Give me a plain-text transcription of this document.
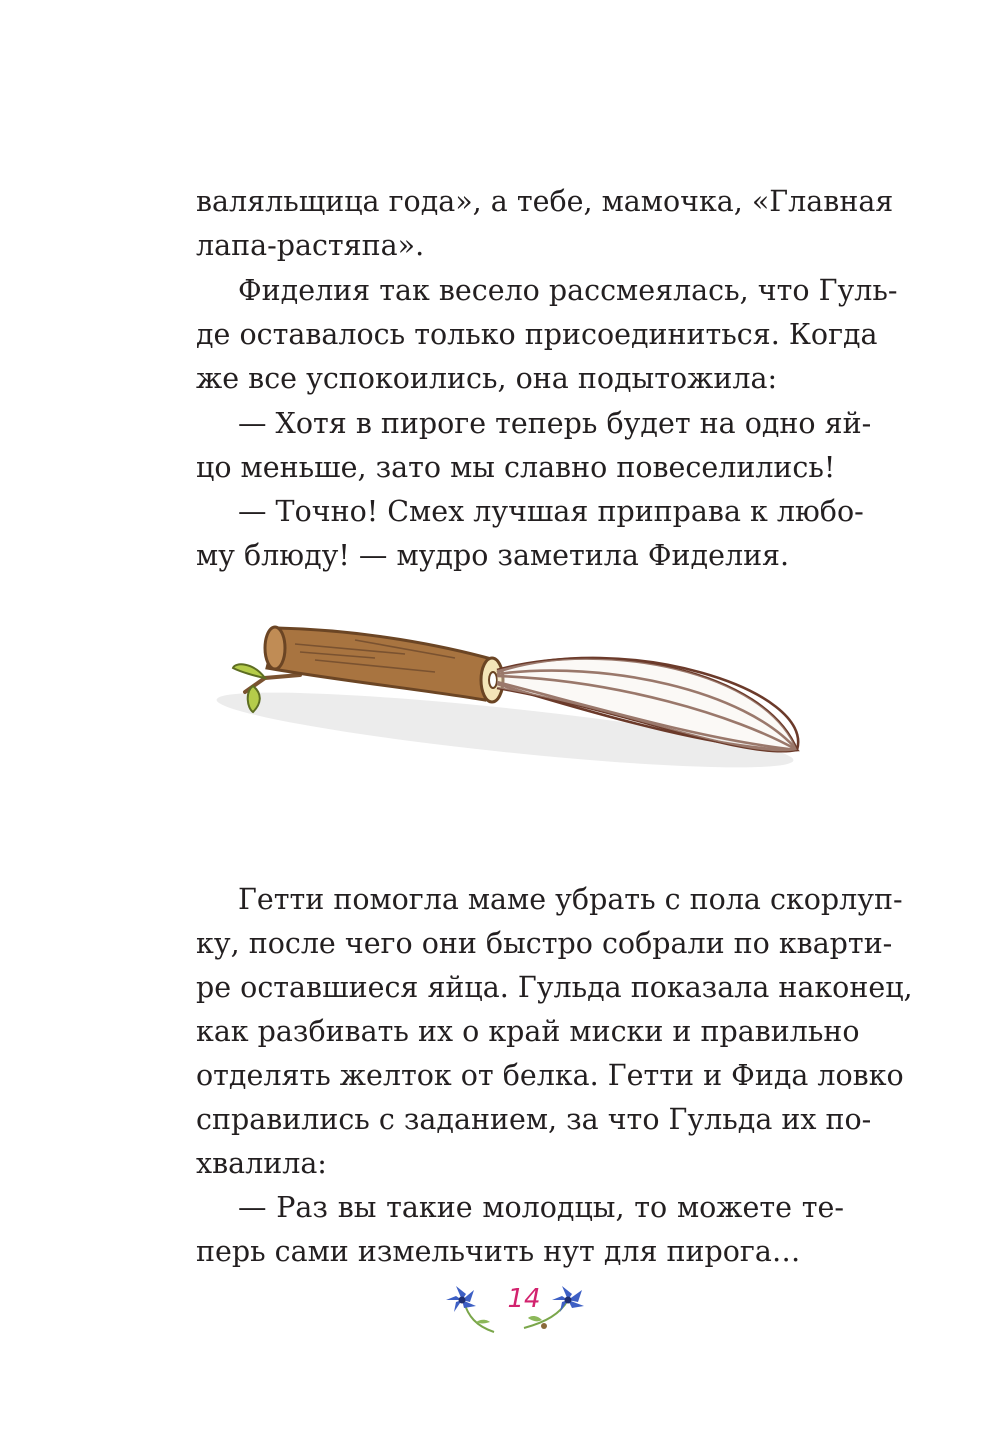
валяльщица года», а тебе, мамочка, «Главная
лапа-растяпа».
Фиделия так весело рассмеялась, что Гуль-
де оставалось только присоединиться. Когда
же все успокоились, она подытожила:
— Хотя в пироге теперь будет на одно яй-
цо меньше, зато мы славно повеселились!
— Точно! Смех лучшая приправа к любо-
му блюду! — мудро заметила Фиделия.
Гетти помогла маме убрать с пола скорлуп-
ку, после чего они быстро собрали по кварти-
ре оставшиеся яйца. Гульда показала наконец,
как разбивать их о край миски и правильно
отделять желток от белка. Гетти и Фида ловко
справились с заданием, за что Гульда их по-
хвалила:
— Раз вы такие молодцы, то можете те-
перь сами измельчить нут для пирога…
14
